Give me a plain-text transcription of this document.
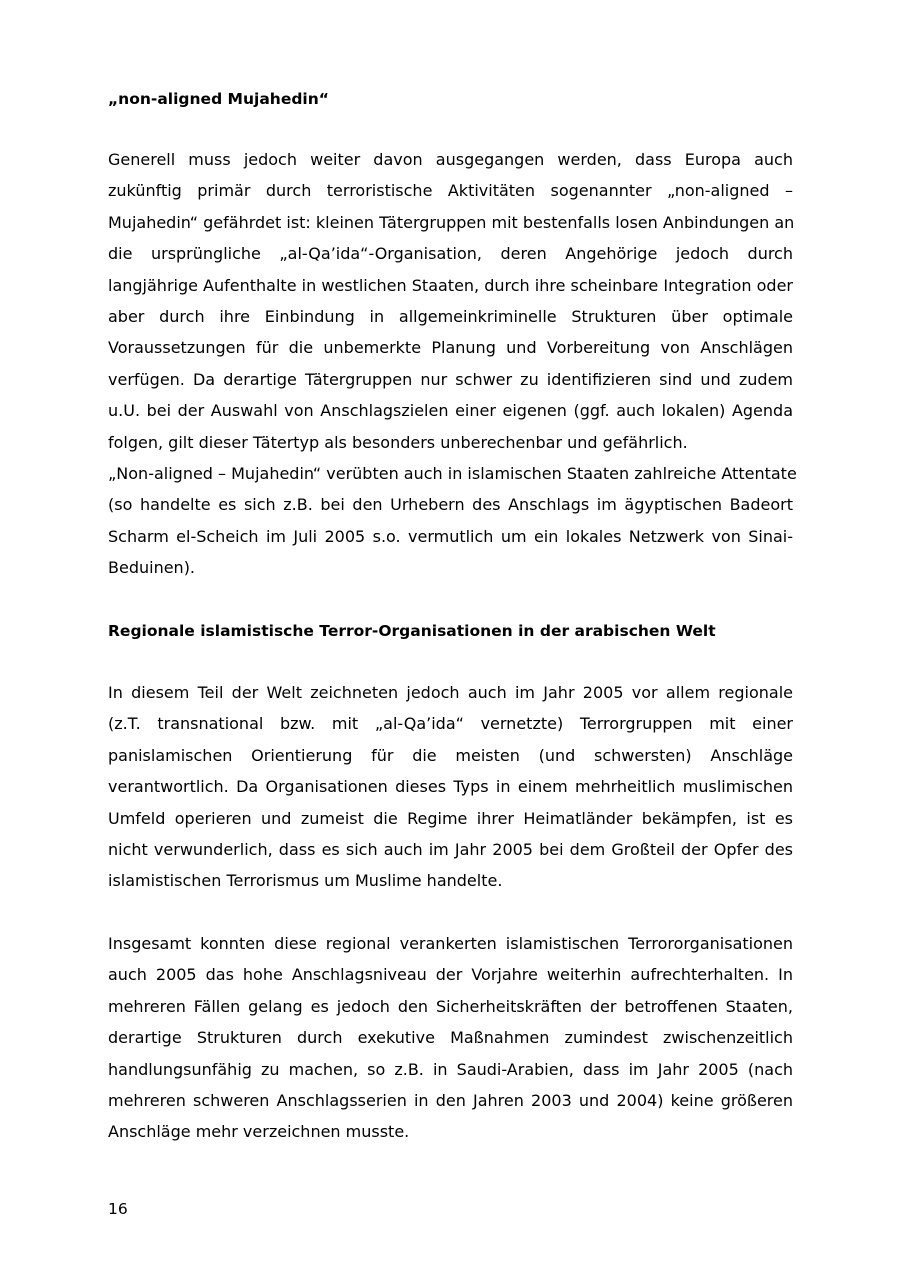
„non-aligned Mujahedin“
Generell muss jedoch weiter davon ausgegangen werden, dass Europa auch
zukünftig primär durch terroristische Aktivitäten sogenannter „non-aligned –
Mujahedin“ gefährdet ist: kleinen Tätergruppen mit bestenfalls losen Anbindungen an
die ursprüngliche „al-Qa’ida“-Organisation, deren Angehörige jedoch durch
langjährige Aufenthalte in westlichen Staaten, durch ihre scheinbare Integration oder
aber durch ihre Einbindung in allgemeinkriminelle Strukturen über optimale
Voraussetzungen für die unbemerkte Planung und Vorbereitung von Anschlägen
verfügen. Da derartige Tätergruppen nur schwer zu identifizieren sind und zudem
u.U. bei der Auswahl von Anschlagszielen einer eigenen (ggf. auch lokalen) Agenda
folgen, gilt dieser Tätertyp als besonders unberechenbar und gefährlich.
„Non-aligned – Mujahedin“ verübten auch in islamischen Staaten zahlreiche Attentate
(so handelte es sich z.B. bei den Urhebern des Anschlags im ägyptischen Badeort
Scharm el-Scheich im Juli 2005 s.o. vermutlich um ein lokales Netzwerk von Sinai-
Beduinen).
Regionale islamistische Terror-Organisationen in der arabischen Welt
In diesem Teil der Welt zeichneten jedoch auch im Jahr 2005 vor allem regionale
(z.T. transnational bzw. mit „al-Qa’ida“ vernetzte) Terrorgruppen mit einer
panislamischen Orientierung für die meisten (und schwersten) Anschläge
verantwortlich. Da Organisationen dieses Typs in einem mehrheitlich muslimischen
Umfeld operieren und zumeist die Regime ihrer Heimatländer bekämpfen, ist es
nicht verwunderlich, dass es sich auch im Jahr 2005 bei dem Großteil der Opfer des
islamistischen Terrorismus um Muslime handelte.
Insgesamt konnten diese regional verankerten islamistischen Terrororganisationen
auch 2005 das hohe Anschlagsniveau der Vorjahre weiterhin aufrechterhalten. In
mehreren Fällen gelang es jedoch den Sicherheitskräften der betroffenen Staaten,
derartige Strukturen durch exekutive Maßnahmen zumindest zwischenzeitlich
handlungsunfähig zu machen, so z.B. in Saudi-Arabien, dass im Jahr 2005 (nach
mehreren schweren Anschlagsserien in den Jahren 2003 und 2004) keine größeren
Anschläge mehr verzeichnen musste.
16
